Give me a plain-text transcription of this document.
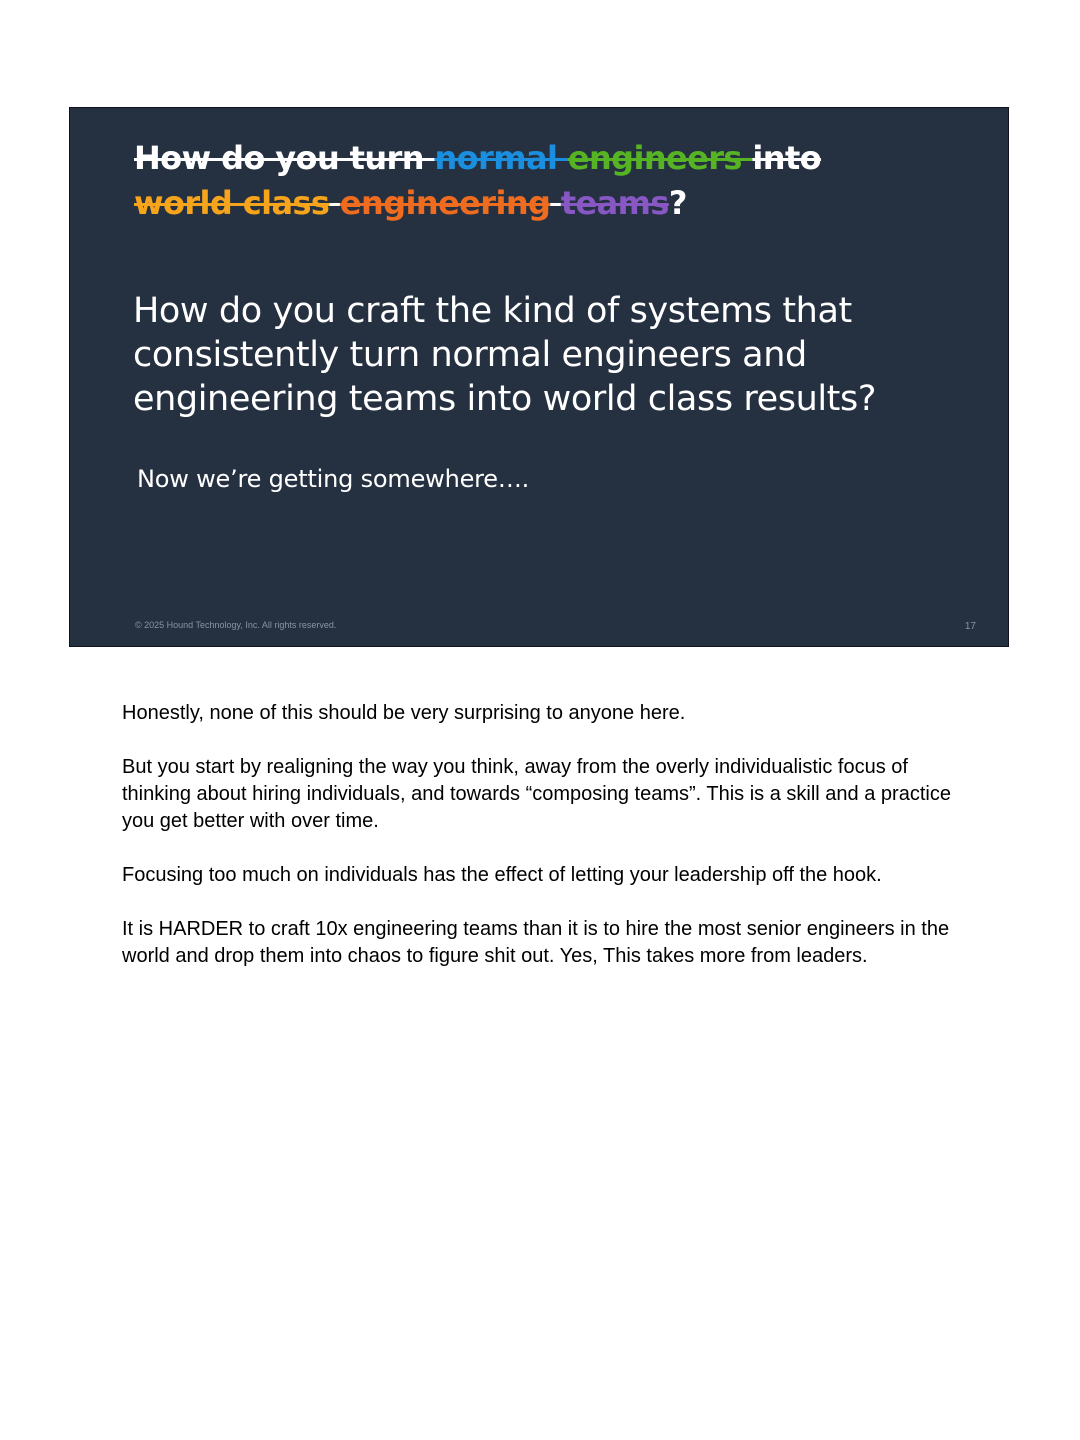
How do you turn normal engineers into
world class engineering teams?
How do you craft the kind of systems that consistently turn normal engineers and engineering teams into world class results?
Now we’re getting somewhere….
© 2025 Hound Technology, Inc. All rights reserved.	17

Honestly, none of this should be very surprising to anyone here.

But you start by realigning the way you think, away from the overly individualistic focus of thinking about hiring individuals, and towards “composing teams”. This is a skill and a practice you get better with over time.

Focusing too much on individuals has the effect of letting your leadership off the hook.

It is HARDER to craft 10x engineering teams than it is to hire the most senior engineers in the world and drop them into chaos to figure shit out. Yes, This takes more from leaders.
